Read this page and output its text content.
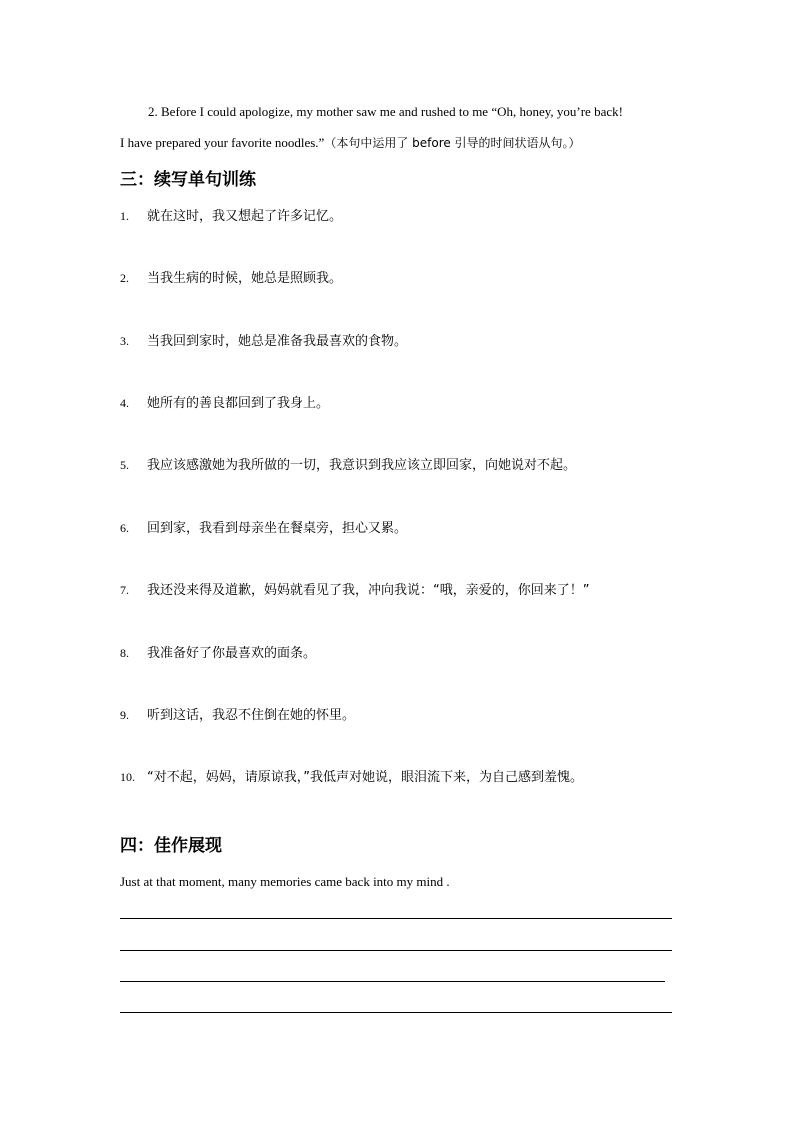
2. Before I could apologize, my mother saw me and rushed to me “Oh, honey, you’re back!
I have prepared your favorite noodles.”（本句中运用了 before 引导的时间状语从句。）
三：续写单句训练
1. 就在这时，我又想起了许多记忆。
2. 当我生病的时候，她总是照顾我。
3. 当我回到家时，她总是准备我最喜欢的食物。
4. 她所有的善良都回到了我身上。
5. 我应该感激她为我所做的一切，我意识到我应该立即回家，向她说对不起。
6. 回到家，我看到母亲坐在餐桌旁，担心又累。
7. 我还没来得及道歉，妈妈就看见了我，冲向我说：“哦，亲爱的，你回来了！”
8. 我准备好了你最喜欢的面条。
9. 听到这话，我忍不住倒在她的怀里。
10. “对不起，妈妈，请原谅我，”我低声对她说，眼泪流下来，为自己感到羞愧。
四：佳作展现
Just at that moment, many memories came back into my mind .
